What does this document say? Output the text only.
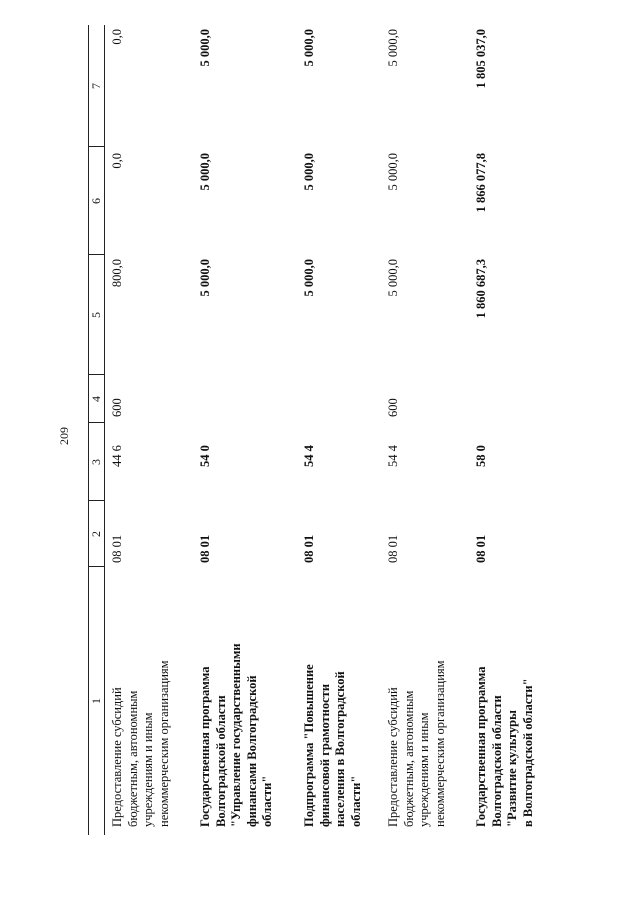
209
1
2
3
4
5
6
7
Предоставление субсидий
бюджетным, автономным
учреждениям и иным
некоммерческим организациям
08 01
44 6
600
800,0
0,0
0,0
Государственная программа
Волгоградской области
"Управление государственными
финансами Волгоградской
области"
08 01
54 0
5 000,0
5 000,0
5 000,0
Подпрограмма "Повышение
финансовой грамотности
населения в Волгоградской
области"
08 01
54 4
5 000,0
5 000,0
5 000,0
Предоставление субсидий
бюджетным, автономным
учреждениям и иным
некоммерческим организациям
08 01
54 4
600
5 000,0
5 000,0
5 000,0
Государственная программа
Волгоградской области
"Развитие культуры
в Волгоградской области"
08 01
58 0
1 860 687,3
1 866 077,8
1 805 037,0
